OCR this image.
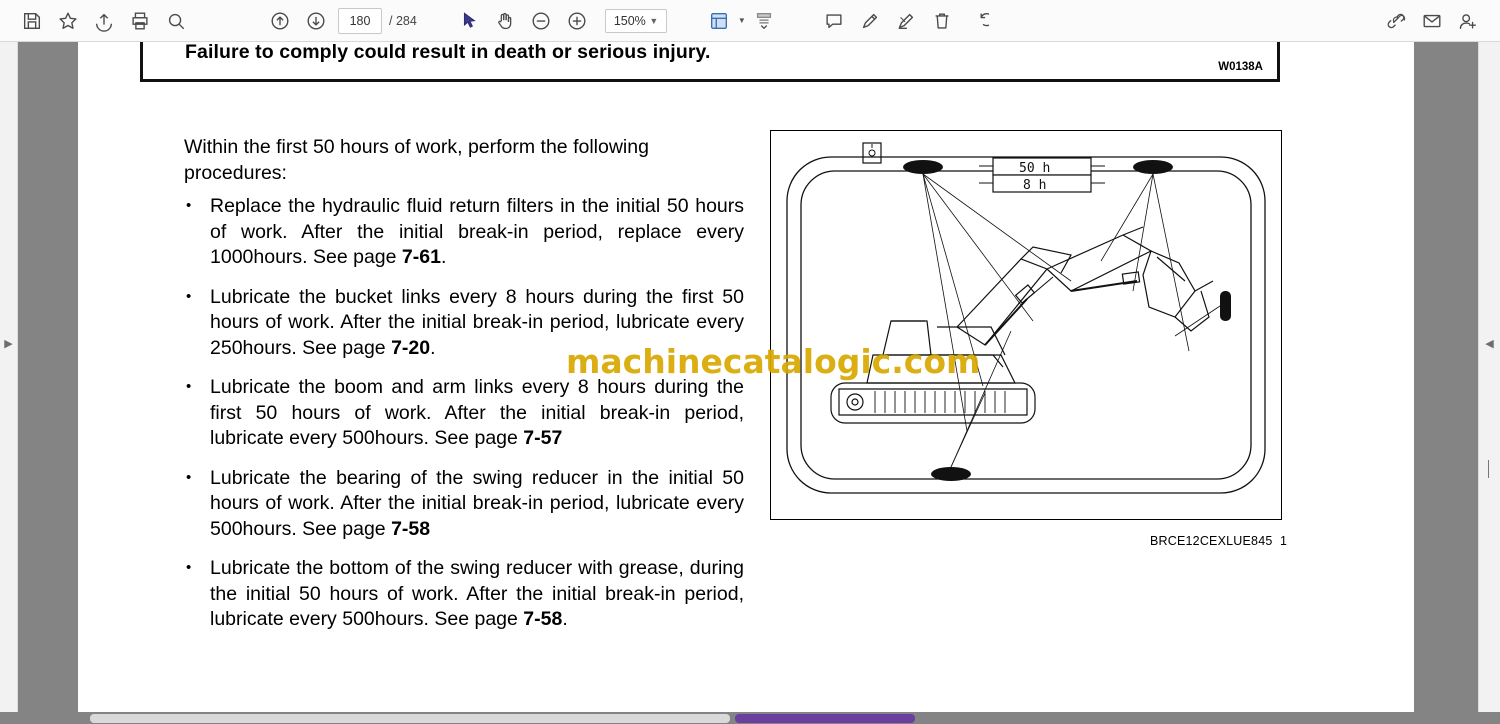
180 / 284	150% ▼	▼
▶	◀
Failure to comply could result in death or serious injury.
W0138A
Within the first 50 hours of work, perform the following procedures:
• Replace the hydraulic fluid return filters in the initial 50 hours of work. After the initial break-in period, replace every 1000hours. See page 7-61.
• Lubricate the bucket links every 8 hours during the first 50 hours of work. After the initial break-in period, lubricate every 250hours. See page 7-20.
• Lubricate the boom and arm links every 8 hours during the first 50 hours of work. After the initial break-in period, lubricate every 500hours. See page 7-57
• Lubricate the bearing of the swing reducer in the initial 50 hours of work. After the initial break-in period, lubricate every 500hours. See page 7-58
• Lubricate the bottom of the swing reducer with grease, during the initial 50 hours of work. After the initial break-in period, lubricate every 500hours. See page 7-58.
50 h
8 h
BRCE12CEXLUE845 1
machinecatalogic.com
